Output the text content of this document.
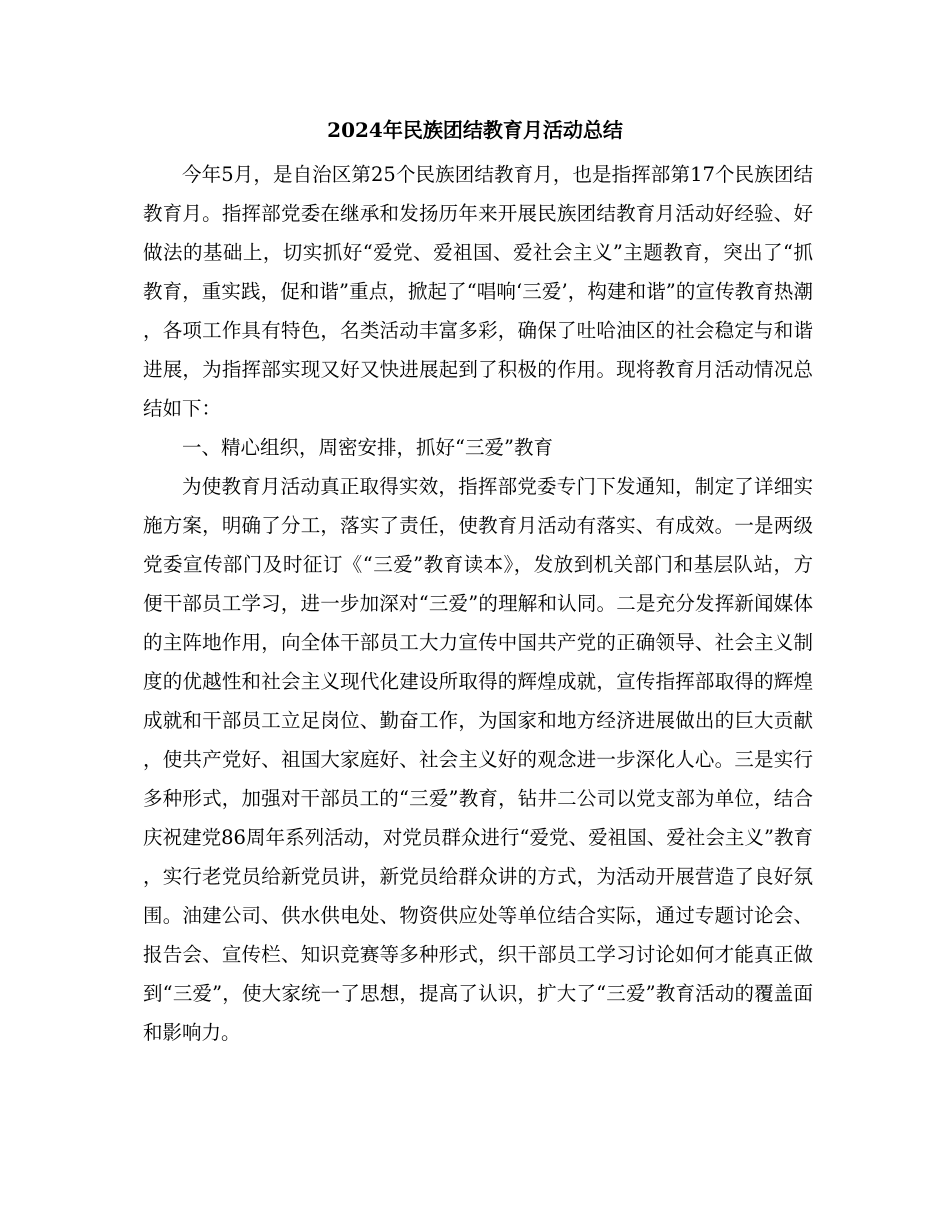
2024年民族团结教育月活动总结

今年5月，是自治区第25个民族团结教育月，也是指挥部第17个民族团结教育月。指挥部党委在继承和发扬历年来开展民族团结教育月活动好经验、好做法的基础上，切实抓好“爱党、爱祖国、爱社会主义”主题教育，突出了“抓教育，重实践，促和谐”重点，掀起了“唱响‘三爱’，构建和谐”的宣传教育热潮，各项工作具有特色，名类活动丰富多彩，确保了吐哈油区的社会稳定与和谐进展，为指挥部实现又好又快进展起到了积极的作用。现将教育月活动情况总结如下：

一、精心组织，周密安排，抓好“三爱”教育

为使教育月活动真正取得实效，指挥部党委专门下发通知，制定了详细实施方案，明确了分工，落实了责任，使教育月活动有落实、有成效。一是两级党委宣传部门及时征订《“三爱”教育读本》，发放到机关部门和基层队站，方便干部员工学习，进一步加深对“三爱”的理解和认同。二是充分发挥新闻媒体的主阵地作用，向全体干部员工大力宣传中国共产党的正确领导、社会主义制度的优越性和社会主义现代化建设所取得的辉煌成就，宣传指挥部取得的辉煌成就和干部员工立足岗位、勤奋工作，为国家和地方经济进展做出的巨大贡献，使共产党好、祖国大家庭好、社会主义好的观念进一步深化人心。三是实行多种形式，加强对干部员工的“三爱”教育，钻井二公司以党支部为单位，结合庆祝建党86周年系列活动，对党员群众进行“爱党、爱祖国、爱社会主义”教育，实行老党员给新党员讲，新党员给群众讲的方式，为活动开展营造了良好氛围。油建公司、供水供电处、物资供应处等单位结合实际，通过专题讨论会、报告会、宣传栏、知识竞赛等多种形式，织干部员工学习讨论如何才能真正做到“三爱”，使大家统一了思想，提高了认识，扩大了“三爱”教育活动的覆盖面和影响力。
